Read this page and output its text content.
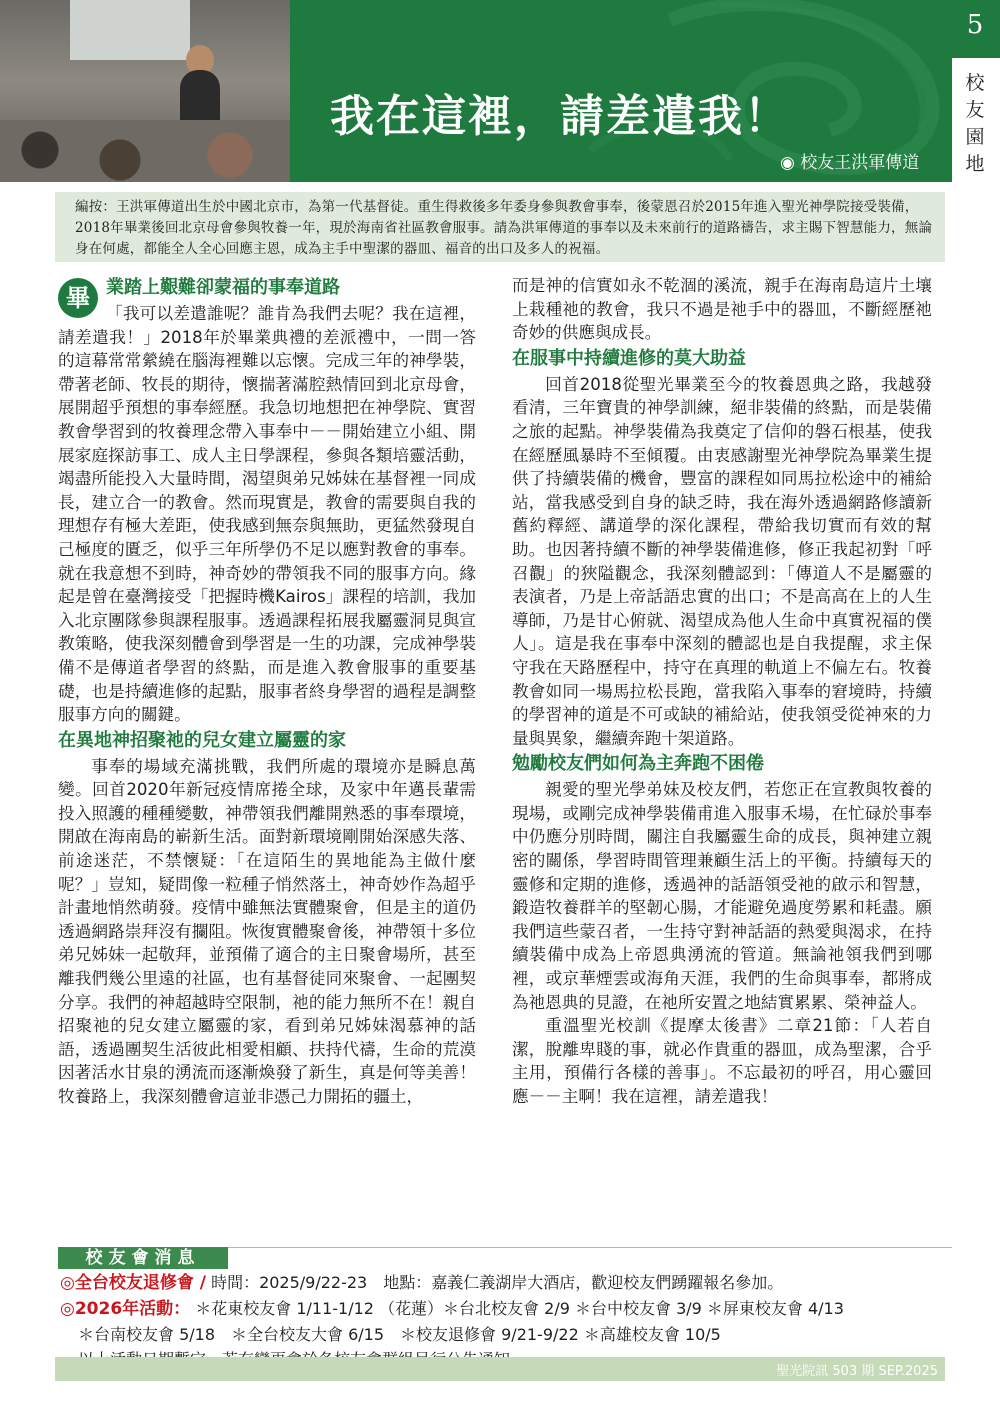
我在這裡，請差遣我！
◉ 校友王洪軍傳道
5
校友園地
編按：王洪軍傳道出生於中國北京市，為第一代基督徒。重生得救後多年委身參與教會事奉，後蒙恩召於2015年進入聖光神學院接受裝備，2018年畢業後回北京母會參與牧養一年，現於海南省社區教會服事。請為洪軍傳道的事奉以及未來前行的道路禱告，求主賜下智慧能力，無論身在何處，都能全人全心回應主恩，成為主手中聖潔的器皿、福音的出口及多人的祝福。
畢 業踏上艱難卻蒙福的事奉道路

「我可以差遣誰呢？誰肯為我們去呢？我在這裡，請差遣我！」2018年於畢業典禮的差派禮中，一問一答的這幕常常縈繞在腦海裡難以忘懷。完成三年的神學裝，帶著老師、牧長的期待，懷揣著滿腔熱情回到北京母會，展開超乎預想的事奉經歷。我急切地想把在神學院、實習教會學習到的牧養理念帶入事奉中－－開始建立小組、開展家庭探訪事工、成人主日學課程，參與各類培靈活動，竭盡所能投入大量時間，渴望與弟兄姊妹在基督裡一同成長，建立合一的教會。然而現實是，教會的需要與自我的理想存有極大差距，使我感到無奈與無助，更猛然發現自己極度的匱乏，似乎三年所學仍不足以應對教會的事奉。就在我意想不到時，神奇妙的帶領我不同的服事方向。緣起是曾在臺灣接受「把握時機Kairos」課程的培訓，我加入北京團隊參與課程服事。透過課程拓展我屬靈洞見與宣教策略，使我深刻體會到學習是一生的功課，完成神學裝備不是傳道者學習的終點，而是進入教會服事的重要基礎，也是持續進修的起點，服事者終身學習的過程是調整服事方向的關鍵。

在異地神招聚祂的兒女建立屬靈的家

事奉的場域充滿挑戰，我們所處的環境亦是瞬息萬變。回首2020年新冠疫情席捲全球，及家中年邁長輩需投入照護的種種變數，神帶領我們離開熟悉的事奉環境，開啟在海南島的嶄新生活。面對新環境剛開始深感失落、前途迷茫，不禁懷疑：「在這陌生的異地能為主做什麼呢？」豈知，疑問像一粒種子悄然落土，神奇妙作為超乎計畫地悄然萌發。疫情中雖無法實體聚會，但是主的道仍透過網路崇拜沒有攔阻。恢復實體聚會後，神帶領十多位弟兄姊妹一起敬拜，並預備了適合的主日聚會場所，甚至離我們幾公里遠的社區，也有基督徒同來聚會、一起團契分享。我們的神超越時空限制，祂的能力無所不在！親自招聚祂的兒女建立屬靈的家，看到弟兄姊妹渴慕神的話語，透過團契生活彼此相愛相顧、扶持代禱，生命的荒漠因著活水甘泉的湧流而逐漸煥發了新生，真是何等美善！牧養路上，我深刻體會這並非憑己力開拓的疆土，

而是神的信實如永不乾涸的溪流，親手在海南島這片土壤上栽種祂的教會，我只不過是祂手中的器皿，不斷經歷祂奇妙的供應與成長。

在服事中持續進修的莫大助益

回首2018從聖光畢業至今的牧養恩典之路，我越發看清，三年寶貴的神學訓練，絕非裝備的終點，而是裝備之旅的起點。神學裝備為我奠定了信仰的磐石根基，使我在經歷風暴時不至傾覆。由衷感謝聖光神學院為畢業生提供了持續裝備的機會，豐富的課程如同馬拉松途中的補給站，當我感受到自身的缺乏時，我在海外透過網路修讀新舊約釋經、講道學的深化課程，帶給我切實而有效的幫助。也因著持續不斷的神學裝備進修，修正我起初對「呼召觀」的狹隘觀念，我深刻體認到：「傳道人不是屬靈的表演者，乃是上帝話語忠實的出口；不是高高在上的人生導師，乃是甘心俯就、渴望成為他人生命中真實祝福的僕人」。這是我在事奉中深刻的體認也是自我提醒，求主保守我在天路歷程中，持守在真理的軌道上不偏左右。牧養教會如同一場馬拉松長跑，當我陷入事奉的窘境時，持續的學習神的道是不可或缺的補給站，使我領受從神來的力量與異象，繼續奔跑十架道路。

勉勵校友們如何為主奔跑不困倦

親愛的聖光學弟妹及校友們，若您正在宣教與牧養的現場，或剛完成神學裝備甫進入服事禾場，在忙碌於事奉中仍應分別時間，關注自我屬靈生命的成長，與神建立親密的關係，學習時間管理兼顧生活上的平衡。持續每天的靈修和定期的進修，透過神的話語領受祂的啟示和智慧，鍛造牧養群羊的堅韌心腸，才能避免過度勞累和耗盡。願我們這些蒙召者，一生持守對神話語的熱愛與渴求，在持續裝備中成為上帝恩典湧流的管道。無論祂領我們到哪裡，或京華煙雲或海角天涯，我們的生命與事奉，都將成為祂恩典的見證，在祂所安置之地結實累累、榮神益人。

重溫聖光校訓《提摩太後書》二章21節：「人若自潔，脫離卑賤的事，就必作貴重的器皿，成為聖潔，合乎主用，預備行各樣的善事」。不忘最初的呼召，用心靈回應－－主啊！我在這裡，請差遣我！

校友會消息
◎全台校友退修會 / 時間：2025/9/22-23　地點：嘉義仁義湖岸大酒店，歡迎校友們踴躍報名參加。
◎2026年活動： ＊花東校友會 1/11-1/12 （花蓮）＊台北校友會 2/9 ＊台中校友會 3/9 ＊屏東校友會 4/13
＊台南校友會 5/18　＊全台校友大會 6/15　＊校友退修會 9/21-9/22 ＊高雄校友會 10/5
聖光院訊 503 期 SEP.2025
